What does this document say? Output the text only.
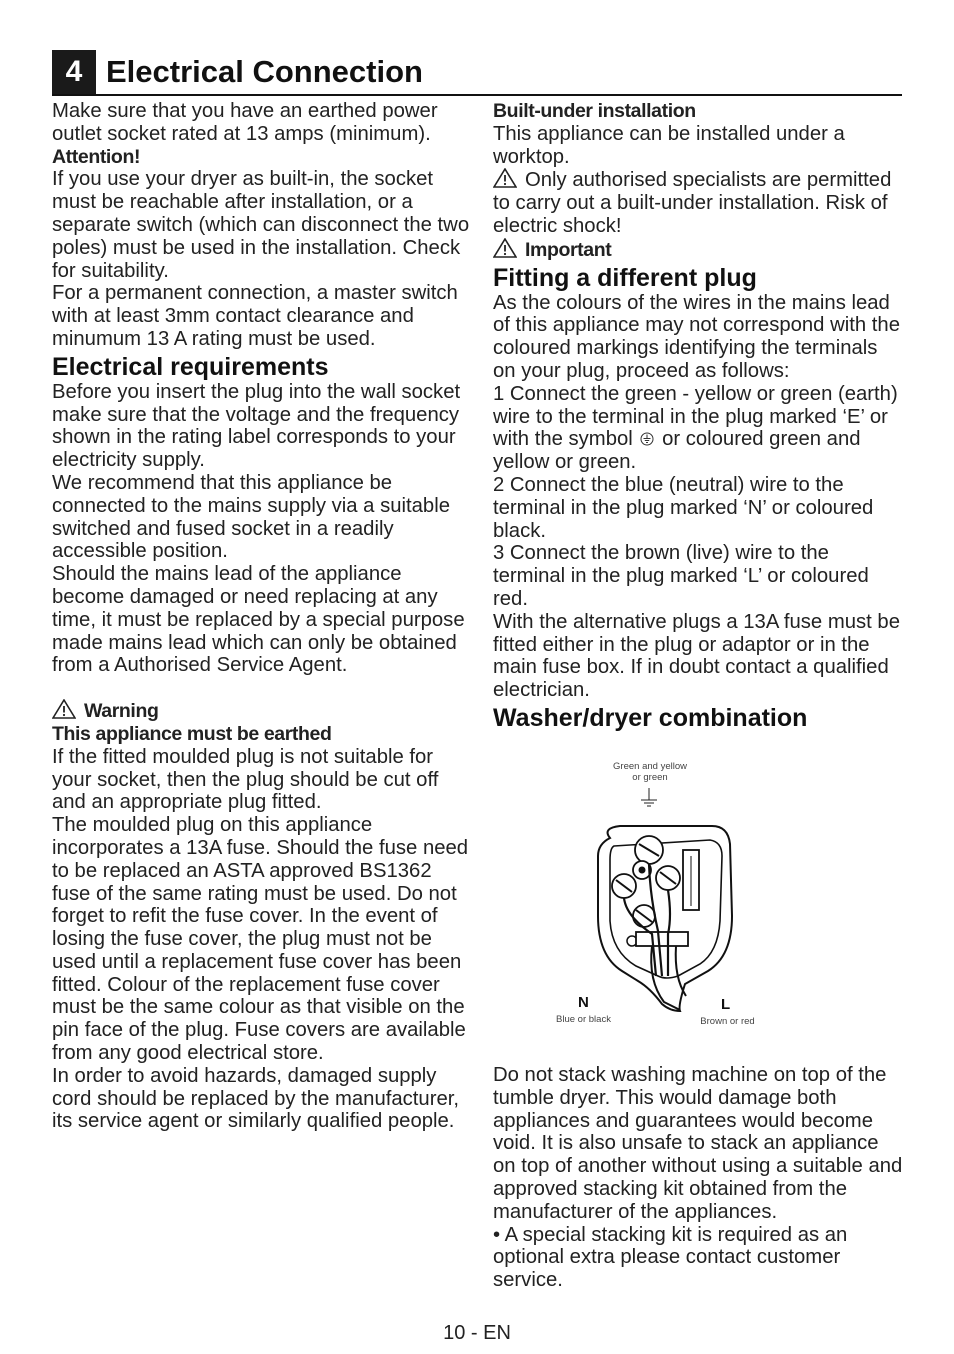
4 Electrical Connection

Make sure that you have an earthed power outlet socket rated at 13 amps (minimum).

Attention!

If you use your dryer as built-in, the socket must be reachable after installation, or a separate switch (which can disconnect the two poles) must be used in the installation. Check for suitability.

For a permanent connection, a master switch with at least 3mm contact clearance and minumum 13 A rating must be used.

Electrical requirements

Before you insert the plug into the wall socket make sure that the voltage and the frequency shown in the rating label corresponds to your electricity supply.

We recommend that this appliance be connected to the mains supply via a suitable switched and fused socket in a readily accessible position.

Should the mains lead of the appliance become damaged or need replacing at any time, it must be replaced by a special purpose made mains lead which can only be obtained from a Authorised Service Agent.

Warning

This appliance must be earthed

If the fitted moulded plug is not suitable for your socket, then the plug should be cut off and an appropriate plug fitted.

The moulded plug on this appliance incorporates a 13A fuse. Should the fuse need to be replaced an ASTA approved BS1362 fuse of the same rating must be used. Do not forget to refit the fuse cover. In the event of losing the fuse cover, the plug must not be used until a replacement fuse cover has been fitted. Colour of the replacement fuse cover must be the same colour as that visible on the pin face of the plug. Fuse covers are available from any good electrical store.

In order to avoid hazards, damaged supply cord should be replaced by the manufacturer, its service agent or similarly qualified people.

Built-under installation

This appliance can be installed under a worktop.

Only authorised specialists are permitted to carry out a built-under installation. Risk of electric shock!

Important

Fitting a different plug

As the colours of the wires in the mains lead of this appliance may not correspond with the coloured markings identifying the terminals on your plug, proceed as follows:

1 Connect the green - yellow or green (earth) wire to the terminal in the plug marked ‘E’ or with the symbol or coloured green and yellow or green.

2 Connect the blue (neutral) wire to the terminal in the plug marked ‘N’ or coloured black.

3 Connect the brown (live) wire to the terminal in the plug marked ‘L’ or coloured red.

With the alternative plugs a 13A fuse must be fitted either in the plug or adaptor or in the main fuse box. If in doubt contact a qualified electrician.

Washer/dryer combination

Green and yellow
or green
N
Blue or black
L
Brown or red

Do not stack washing machine on top of the tumble dryer. This would damage both appliances and guarantees would become void. It is also unsafe to stack an appliance on top of another without using a suitable and approved stacking kit obtained from the manufacturer of the appliances.

• A special stacking kit is required as an optional extra please contact customer service.

10 - EN
